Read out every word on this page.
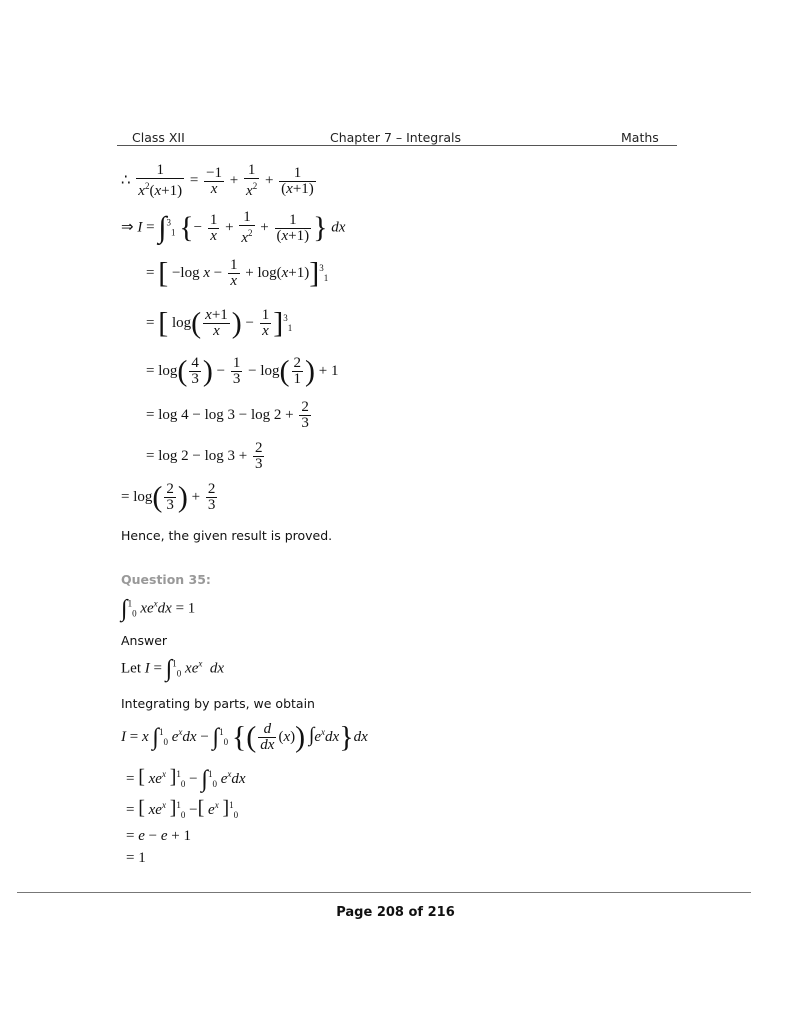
Class XII	Chapter 7 – Integrals	Maths
∴ $\frac{1}{x^2(x+1)} = \frac{-1}{x} + \frac{1}{x^2} + \frac{1}{(x+1)}$
⇒ I = ∫$^3_1$ {− $\frac{1}{x} + \frac{1}{x^2} + \frac{1}{(x+1)}$ } dx
= [ −log $x - \frac{1}{x} + \log(x+1)]^3_1$
= [ $\log( \frac{x+1}{x}$ ) − $\frac{1}{x} ]^3_1$
= $\log( \frac{4}{3}$ ) − $\frac{1}{3} - \log( \frac{2}{1}$ ) + 1
= $\log 4 - \log 3 - \log 2 + \frac{2}{3}$
= $\log 2 - \log 3 + \frac{2}{3}$
= $\log( \frac{2}{3}$ ) + $\frac{2}{3}$
Hence, the given result is proved.
Question 35:
∫$^1_0$ $xe^xdx = 1$
Answer
Let I = ∫$^1_0$ $xe^x$ dx
Integrating by parts, we obtain
I = x ∫$^1_0$ $e^xdx - \int^1_0$ {( $\frac{d}{dx} (x)$) $\int e^xdx\}dx$
= [ $xe^x$ ]$^1_0$ − ∫$^1_0$ $e^xdx$
= [ $xe^x$ ]$^1_0$ −[ $e^x$ ]$^1_0$
= e − e + 1
= 1
Page 208 of 216
